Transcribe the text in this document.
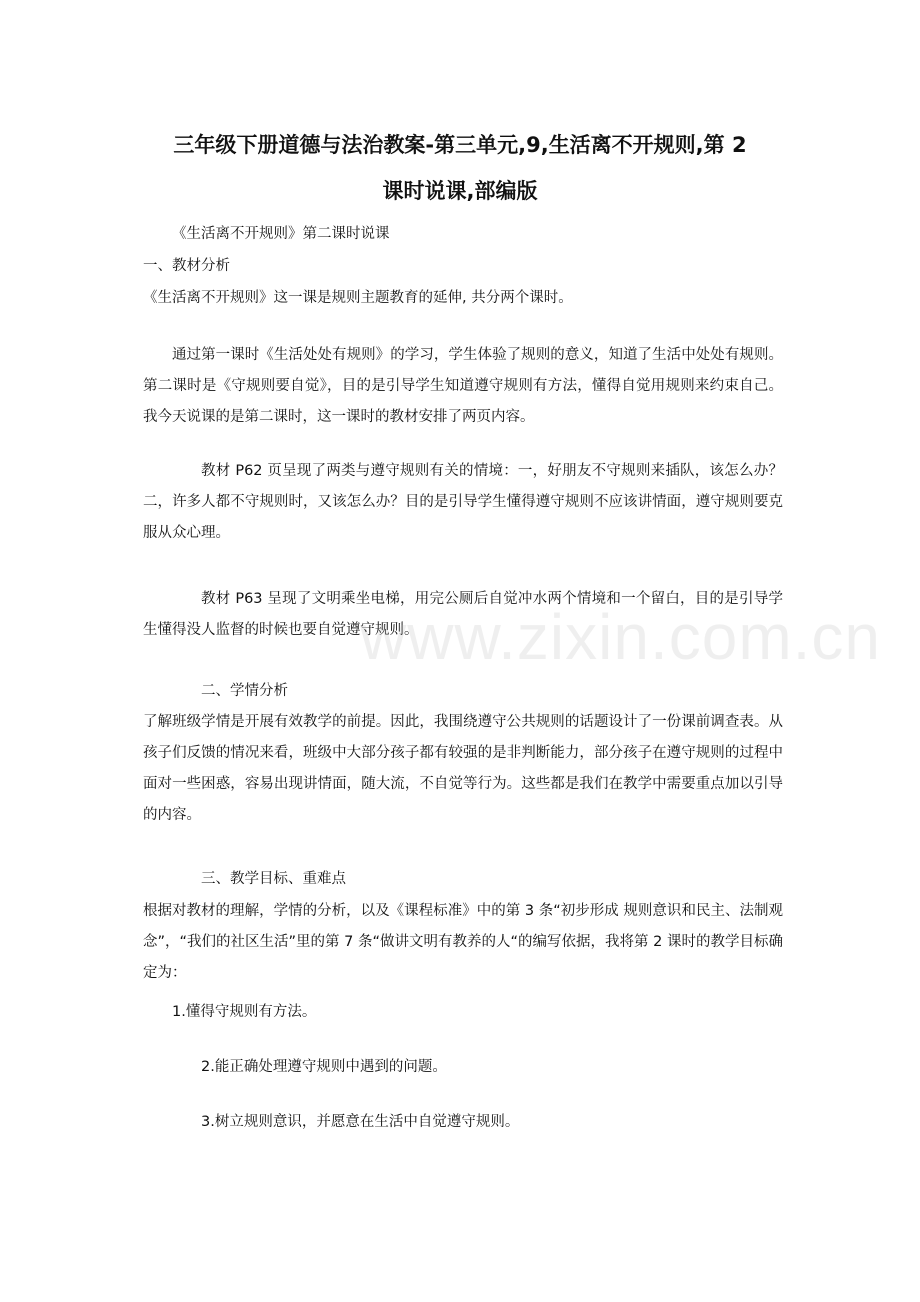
三年级下册道德与法治教案-第三单元,9,生活离不开规则,第 2
课时说课,部编版

《生活离不开规则》第二课时说课

一、教材分析

《生活离不开规则》这一课是规则主题教育的延伸, 共分两个课时。

通过第一课时《生活处处有规则》的学习，学生体验了规则的意义，知道了生活中处处有规则。第二课时是《守规则要自觉》，目的是引导学生知道遵守规则有方法，懂得自觉用规则来约束自己。我今天说课的是第二课时，这一课时的教材安排了两页内容。

教材 P62 页呈现了两类与遵守规则有关的情境：一，好朋友不守规则来插队，该怎么办？二，许多人都不守规则时，又该怎么办？目的是引导学生懂得遵守规则不应该讲情面，遵守规则要克服从众心理。

教材 P63 呈现了文明乘坐电梯，用完公厕后自觉冲水两个情境和一个留白，目的是引导学生懂得没人监督的时候也要自觉遵守规则。

二、学情分析

了解班级学情是开展有效教学的前提。因此，我围绕遵守公共规则的话题设计了一份课前调查表。从孩子们反馈的情况来看，班级中大部分孩子都有较强的是非判断能力，部分孩子在遵守规则的过程中面对一些困惑，容易出现讲情面，随大流，不自觉等行为。这些都是我们在教学中需要重点加以引导的内容。

三、教学目标、重难点

根据对教材的理解，学情的分析，以及《课程标准》中的第 3 条“初步形成 规则意识和民主、法制观念”，“我们的社区生活”里的第 7 条“做讲文明有教养的人“的编写依据，我将第 2 课时的教学目标确定为：

1.懂得守规则有方法。

2.能正确处理遵守规则中遇到的问题。

3.树立规则意识，并愿意在生活中自觉遵守规则。

www.zixin.com.cn
